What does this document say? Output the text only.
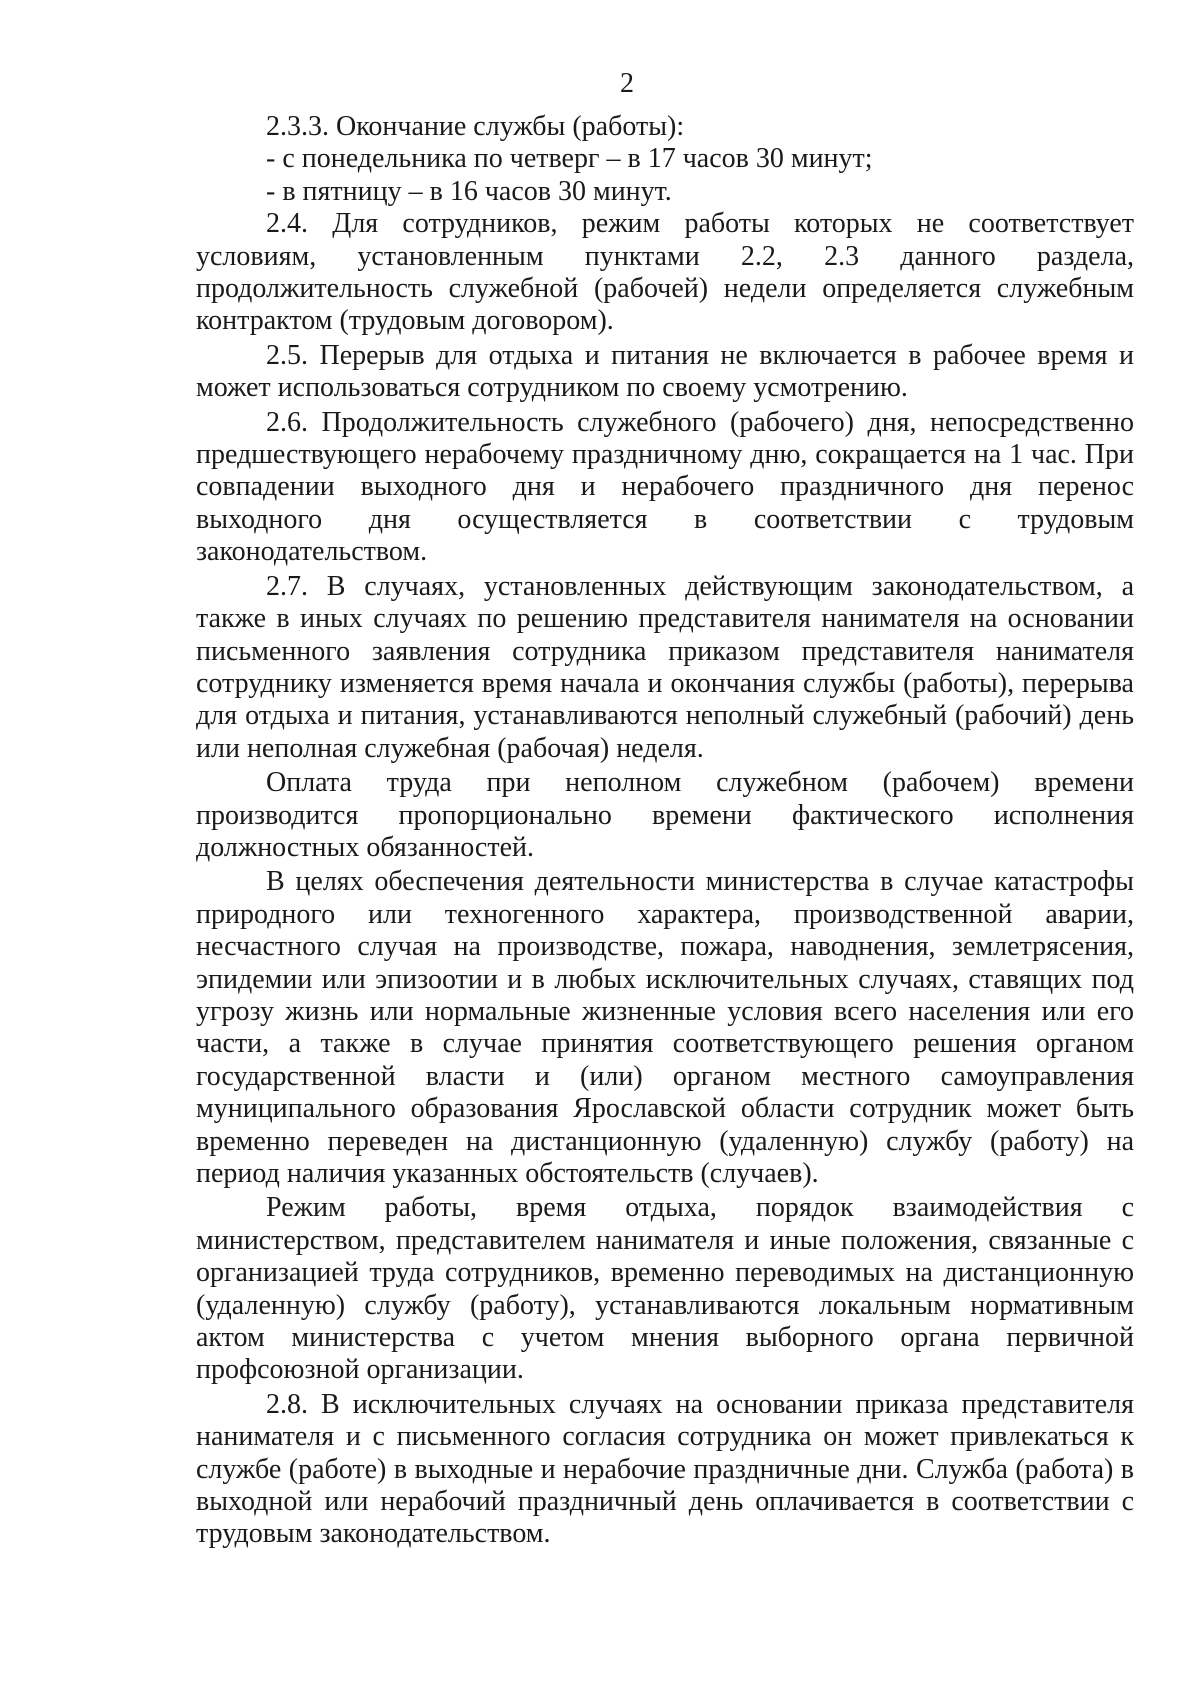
2

2.3.3. Окончание службы (работы):

- с понедельника по четверг – в 17 часов 30 минут;

- в пятницу – в 16 часов 30 минут.

2.4. Для сотрудников, режим работы которых не соответствует условиям, установленным пунктами 2.2, 2.3 данного раздела, продолжительность служебной (рабочей) недели определяется служебным контрактом (трудовым договором).

2.5. Перерыв для отдыха и питания не включается в рабочее время и может использоваться сотрудником по своему усмотрению.

2.6. Продолжительность служебного (рабочего) дня, непосредственно предшествующего нерабочему праздничному дню, сокращается на 1 час. При совпадении выходного дня и нерабочего праздничного дня перенос выходного дня осуществляется в соответствии с трудовым законодательством.

2.7. В случаях, установленных действующим законодательством, а также в иных случаях по решению представителя нанимателя на основании письменного заявления сотрудника приказом представителя нанимателя сотруднику изменяется время начала и окончания службы (работы), перерыва для отдыха и питания, устанавливаются неполный служебный (рабочий) день или неполная служебная (рабочая) неделя.

Оплата труда при неполном служебном (рабочем) времени производится пропорционально времени фактического исполнения должностных обязанностей.

В целях обеспечения деятельности министерства в случае катастрофы природного или техногенного характера, производственной аварии, несчастного случая на производстве, пожара, наводнения, землетрясения, эпидемии или эпизоотии и в любых исключительных случаях, ставящих под угрозу жизнь или нормальные жизненные условия всего населения или его части, а также в случае принятия соответствующего решения органом государственной власти и (или) органом местного самоуправления муниципального образования Ярославской области сотрудник может быть временно переведен на дистанционную (удаленную) службу (работу) на период наличия указанных обстоятельств (случаев).

Режим работы, время отдыха, порядок взаимодействия с министерством, представителем нанимателя и иные положения, связанные с организацией труда сотрудников, временно переводимых на дистанционную (удаленную) службу (работу), устанавливаются локальным нормативным актом министерства с учетом мнения выборного органа первичной профсоюзной организации.

2.8. В исключительных случаях на основании приказа представителя нанимателя и с письменного согласия сотрудника он может привлекаться к службе (работе) в выходные и нерабочие праздничные дни. Служба (работа) в выходной или нерабочий праздничный день оплачивается в соответствии с трудовым законодательством.
